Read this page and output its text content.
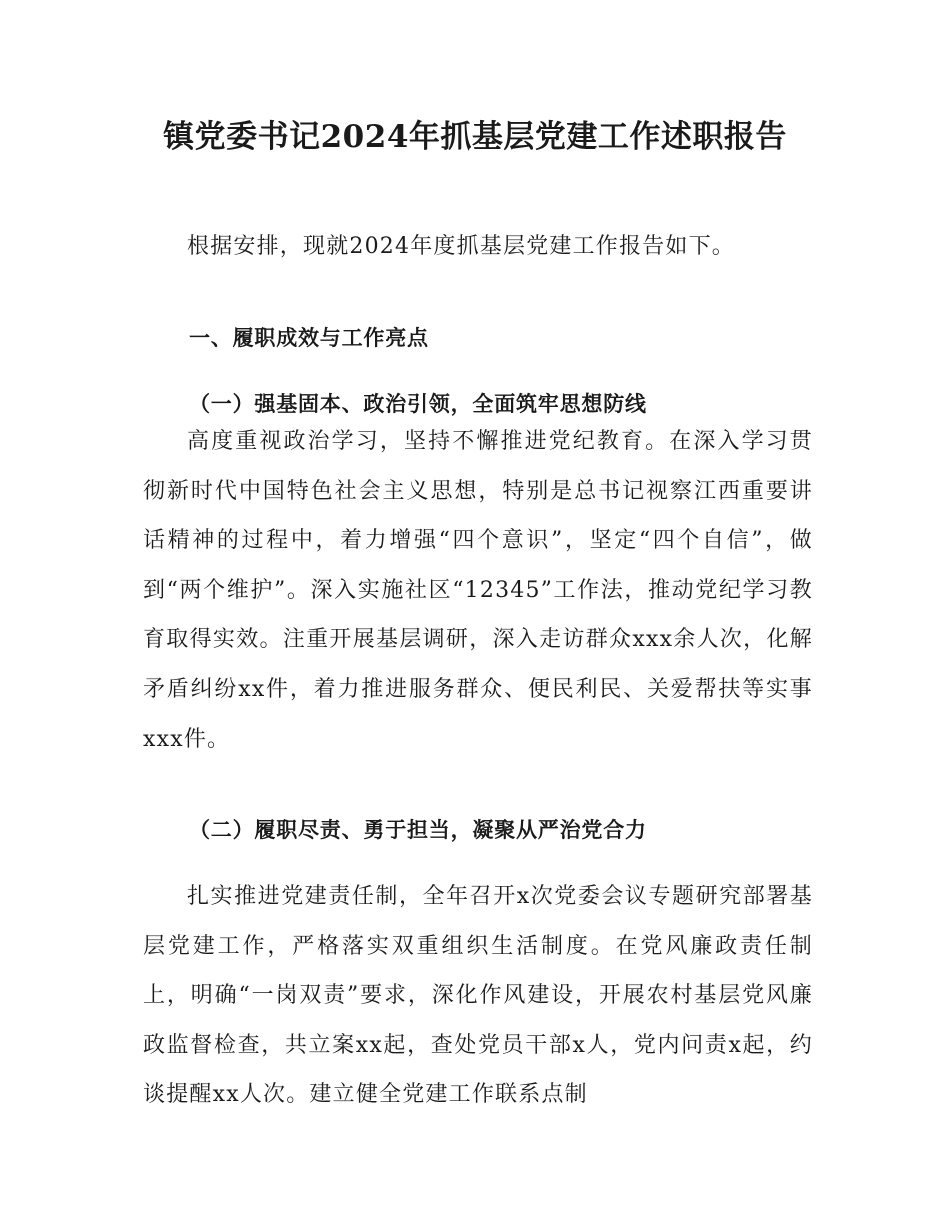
镇党委书记2024年抓基层党建工作述职报告

根据安排，现就2024年度抓基层党建工作报告如下。

一、履职成效与工作亮点
（一）强基固本、政治引领，全面筑牢思想防线

高度重视政治学习，坚持不懈推进党纪教育。在深入学习贯彻新时代中国特色社会主义思想，特别是总书记视察江西重要讲话精神的过程中，着力增强“四个意识”，坚定“四个自信”，做到“两个维护”。深入实施社区“12345”工作法，推动党纪学习教育取得实效。注重开展基层调研，深入走访群众xxx余人次，化解矛盾纠纷xx件，着力推进服务群众、便民利民、关爱帮扶等实事xxx件。

（二）履职尽责、勇于担当，凝聚从严治党合力

扎实推进党建责任制，全年召开x次党委会议专题研究部署基层党建工作，严格落实双重组织生活制度。在党风廉政责任制上，明确“一岗双责”要求，深化作风建设，开展农村基层党风廉政监督检查，共立案xx起，查处党员干部x人，党内问责x起，约谈提醒xx人次。建立健全党建工作联系点制
